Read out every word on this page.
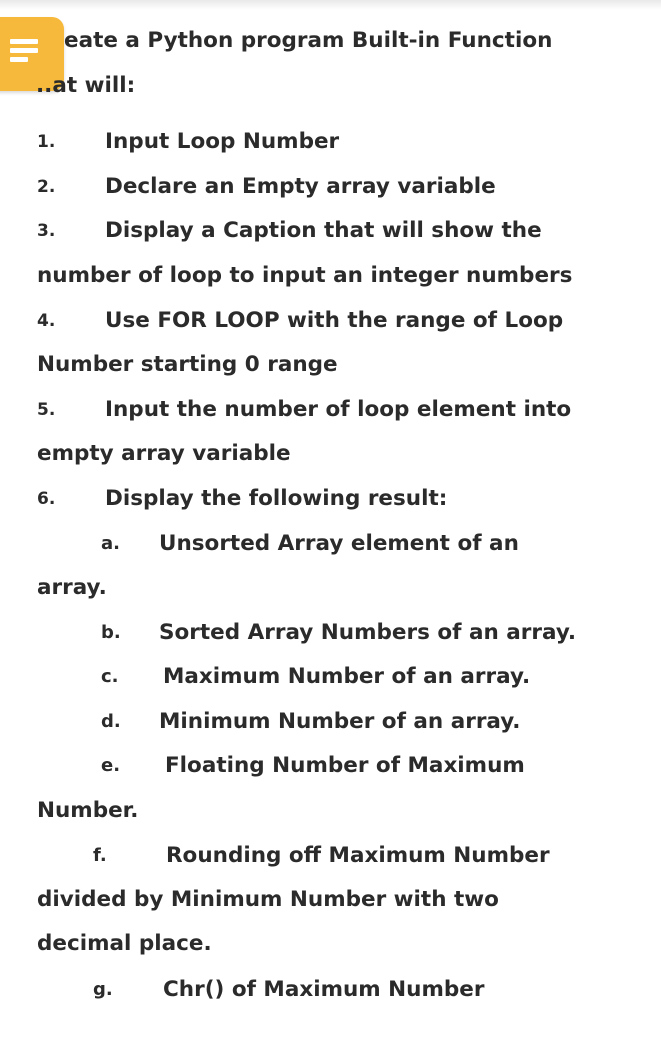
eate a Python program Built-in Function
..at will:
1. Input Loop Number
2. Declare an Empty array variable
3. Display a Caption that will show the
number of loop to input an integer numbers
4. Use FOR LOOP with the range of Loop
Number starting 0 range
5. Input the number of loop element into
empty array variable
6. Display the following result:
a. Unsorted Array element of an
array.
b. Sorted Array Numbers of an array.
c. Maximum Number of an array.
d. Minimum Number of an array.
e. Floating Number of Maximum
Number.
f.	Rounding off Maximum Number
divided by Minimum Number with two
decimal place.
g. Chr() of Maximum Number
